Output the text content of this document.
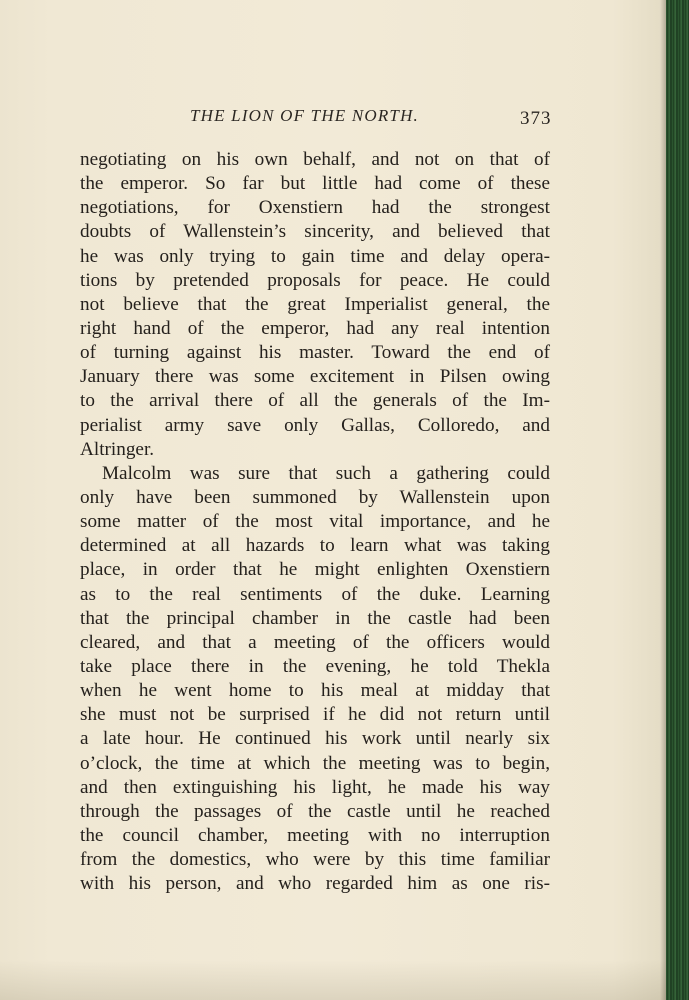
THE LION OF THE NORTH.	373
negotiating on his own behalf, and not on that of
the emperor. So far but little had come of these
negotiations, for Oxenstiern had the strongest
doubts of Wallenstein’s sincerity, and believed that
he was only trying to gain time and delay opera-
tions by pretended proposals for peace. He could
not believe that the great Imperialist general, the
right hand of the emperor, had any real intention
of turning against his master. Toward the end of
January there was some excitement in Pilsen owing
to the arrival there of all the generals of the Im-
perialist army save only Gallas, Colloredo, and
Altringer.
Malcolm was sure that such a gathering could
only have been summoned by Wallenstein upon
some matter of the most vital importance, and he
determined at all hazards to learn what was taking
place, in order that he might enlighten Oxenstiern
as to the real sentiments of the duke. Learning
that the principal chamber in the castle had been
cleared, and that a meeting of the officers would
take place there in the evening, he told Thekla
when he went home to his meal at midday that
she must not be surprised if he did not return until
a late hour. He continued his work until nearly six
o’clock, the time at which the meeting was to begin,
and then extinguishing his light, he made his way
through the passages of the castle until he reached
the council chamber, meeting with no interruption
from the domestics, who were by this time familiar
with his person, and who regarded him as one ris-
